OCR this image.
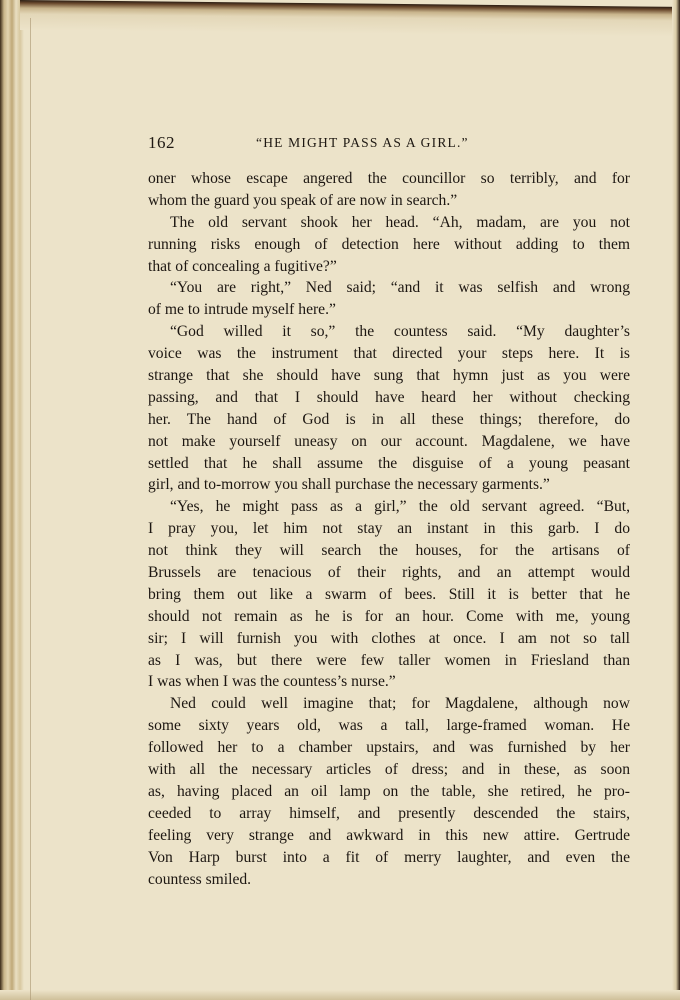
162	“HE MIGHT PASS AS A GIRL.”
oner whose escape angered the councillor so terribly, and for
whom the guard you speak of are now in search.”
The old servant shook her head. “Ah, madam, are you not
running risks enough of detection here without adding to them
that of concealing a fugitive?”
“You are right,” Ned said; “and it was selfish and wrong
of me to intrude myself here.”
“God willed it so,” the countess said. “My daughter’s
voice was the instrument that directed your steps here. It is
strange that she should have sung that hymn just as you were
passing, and that I should have heard her without checking
her. The hand of God is in all these things; therefore, do
not make yourself uneasy on our account. Magdalene, we have
settled that he shall assume the disguise of a young peasant
girl, and to-morrow you shall purchase the necessary garments.”
“Yes, he might pass as a girl,” the old servant agreed. “But,
I pray you, let him not stay an instant in this garb. I do
not think they will search the houses, for the artisans of
Brussels are tenacious of their rights, and an attempt would
bring them out like a swarm of bees. Still it is better that he
should not remain as he is for an hour. Come with me, young
sir; I will furnish you with clothes at once. I am not so tall
as I was, but there were few taller women in Friesland than
I was when I was the countess’s nurse.”
Ned could well imagine that; for Magdalene, although now
some sixty years old, was a tall, large-framed woman. He
followed her to a chamber upstairs, and was furnished by her
with all the necessary articles of dress; and in these, as soon
as, having placed an oil lamp on the table, she retired, he pro-
ceeded to array himself, and presently descended the stairs,
feeling very strange and awkward in this new attire. Gertrude
Von Harp burst into a fit of merry laughter, and even the
countess smiled.
